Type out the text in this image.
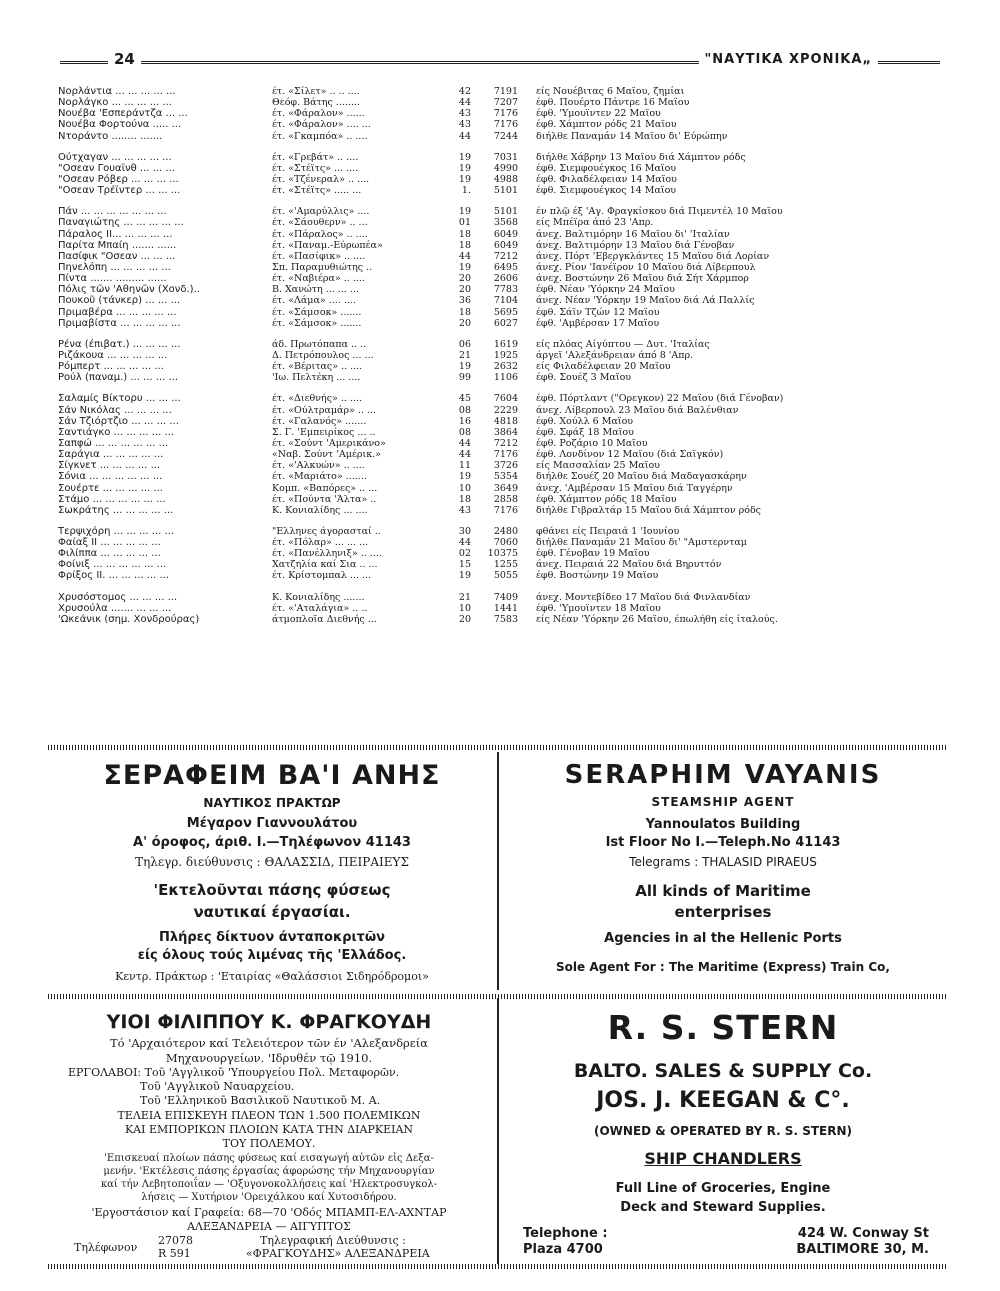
24	"ΝΑΥΤΙΚΑ ΧΡΟΝΙΚΑ„
Νορλάντια ... ... ... ... ...	έτ. «Σίλετ» .. .. ....	42	7191 είς Νουέβιτας 6 Μαΐου, ζημίαι
Νορλάγκο ... ... ... ... ...	Θεόφ. Βάτης ........	44	7207 έφθ. Πουέρτο Πάντρε 16 Μαΐου
Νουέβα 'Εσπεράντζα ... ...	έτ. «Φάραλον» ......	43	7176 έφθ. 'Υμουϊντεν 22 Μαΐου
Νουέβα Φορτούνα ..... ...	έτ. «Φάραλον» .... ...	43	7176 έφθ. Χάμπτον ρόδς 21 Μαΐου
Ντοράντο ........ .......	έτ. «Γκαμπόα» .. ....	44	7244 διήλθε Παναμάν 14 Μαΐου δι' Εύρώπην
Ούτχαγαν ... ... ... ... ...	έτ. «Γρεβάτ» .. ....	19	7031 διήλθε Χάβρην 13 Μαΐου διά Χάμπτον ρόδς
"Οσεαν Γουαϊνθ ... ... ...	έτ. «Στέϊτς» ... ....	19	4990 έφθ. Σιεμφουέγκος 16 Μαΐου
"Οσεαν Ρόβερ ... ... ... ...	έτ. «Τζένεραλ» .. ....	19	4988 έφθ. Φιλαδέλφειαν 14 Μαΐου
"Οσεαν Τρέϊντερ ... ... ...	έτ. «Στέϊτς» ..... ...	1.	5101 έφθ. Σιεμφουέγκος 14 Μαΐου
Πάν ... ... ... ... ... ... ...	έτ. «'Αμαρύλλις» ....	19	5101 έν πλῷ έξ 'Αγ. Φραγκίσκου διά Πιμεντέλ 10 Μαΐου
Παναγιώτης ... ... ... ... ...	έτ. «Σάουθερν» .. ...	01	3568 είς Μπέϊρα άπό 23 'Απρ.
Πάραλος ΙΙ... ... ... ... ...	έτ. «Πάραλος» .. ....	18	6049 άνεχ. Βαλτιμόρην 16 Μαΐου δι' 'Ιταλίαν
Παρίτα Μπαίη ....... ......	έτ. «Παναμ.-Εύρωπέα»	18	6049 άνεχ. Βαλτιμόρην 13 Μαΐου διά Γένοβαν
Πασίφικ "Οσεαν ... ... ...	έτ. «Πασίφικ» .. ....	44	7212 άνεχ. Πόρτ 'Εβεργκλάντες 15 Μαΐου διά Λορίαν
Πηνελόπη ... ... ... ... ...	Σπ. Παραμυθιώτης ..	19	6495 άνεχ. Ρίον 'Ιανέϊρον 10 Μαΐου διά Λίβερπουλ
Πίντα ....... ......... ......	έτ. «Ναβιέρα» .. ....	20	2606 άνεχ. Βοστώνην 26 Μαΐου διά Σήτ Χάρμπορ
Πόλις τῶν 'Αθηνῶν (Χονδ.)..	Β. Χανώτη ... ... ...	20	7783 έφθ. Νέαν 'Υόρκην 24 Μαΐου
Πουκοῦ (τάνκερ) ... ... ...	έτ. «Λάμα» .... ....	36	7104 άνεχ. Νέαν 'Υόρκην 19 Μαΐου διά Λά Παλλίς
Πριμαβέρα ... ... ... ... ...	έτ. «Σάμσοκ» .......	18	5695 έφθ. Σάϊν Τζών 12 Μαΐου
Πριμαβίστα ... ... ... ... ...	έτ. «Σάμσοκ» .......	20	6027 έφθ. 'Αμβέρσαν 17 Μαΐου
Ρένα (έπιβατ.) ... ... ... ...	άδ. Πρωτόπαπα .. ..	06	1619 είς πλόας Αίγύπτου — Δυτ. 'Ιταλίας
Ριζάκουα ... ... ... ... ...	Δ. Πετρόπουλος ... ...	21	1925 άργεϊ 'Αλεξάνδρειαν άπό 8 'Απρ.
Ρόμπερτ ... ... ... ... ...	έτ. «Βέριτας» .. ....	19	2632 είς Φιλαδέλφειαν 20 Μαΐου
Ρούλ (παναμ.) ... ... ... ...	'Ιω. Πελτέκη ... ....	99	1106 έφθ. Σουέζ 3 Μαΐου
Σαλαμίς Βίκτορυ ... ... ...	έτ. «Διεθνής» .. ....	45	7604 έφθ. Πόρτλαντ ("Ορεγκον) 22 Μαΐου (διά Γένοβαν)
Σάν Νικόλας ... ... ... ...	έτ. «Ούλτραμάρ» .. ...	08	2229 άνεχ. Λίβερπουλ 23 Μαΐου διά Βαλένθιαν
Σάν Τζιόρτζιο ... ... ... ...	έτ. «Γαλανός» .......	16	4818 έφθ. Χούλλ 6 Μαΐου
Σαντιάγκο ... ... ... ... ...	Σ. Γ. 'Εμπειρίκος ... ..	08	3864 έφθ. Σφάξ 18 Μαΐου
Σαπφώ ... ... ... ... ... ...	έτ. «Σούντ 'Αμερικάνο»	44	7212 έφθ. Ροζάριο 10 Μαΐου
Σαράγια ... ... ... ... ...	«Ναβ. Σούντ 'Αμέρικ.»	44	7176 έφθ. Λονδίνον 12 Μαΐου (διά Σαϊγκόν)
Σίγκνετ ... ... ... ... ...	έτ. «'Αλκυών» .. ....	11	3726 είς Μασσαλίαν 25 Μαΐου
Σόνια ... ... ... ... ... ...	έτ. «Μαριάτο» .......	19	5354 διήλθε Σουέζ 20 Μαΐου διά Μαδαγασκάρην
Σουέρτε ... ... ... ... ...	Κομπ. «Βαπόρες» .. ...	10	3649 άνεχ. 'Αμβέρσαν 15 Μαΐου διά Ταγγέρην
Στάμο ... ... ... ... ... ...	έτ. «Πούντα 'Άλτα» ..	18	2858 έφθ. Χάμπτον ρόδς 18 Μαΐου
Σωκράτης ... ... ... ... ...	Κ. Κονιαλίδης ... ....	43	7176 διήλθε Γιβραλτάρ 15 Μαΐου διά Χάμπτον ρόδς
Τερψιχόρη ... ... ... ... ...	"Ελληνες άγορασταί ..	30	2480 φθάνει είς Πειραιά 1 'Ιουνίου
Φαίαξ ΙΙ ... ... ... ... ...	έτ. «Πόλαρ» ... ... ...	44	7060 διήλθε Παναμάν 21 Μαΐου δι' "Αμστερνταμ
Φιλίππα ... ... ... ... ...	έτ. «Πανέλληνιξ» .. ....	02	10375 έφθ. Γένοβαν 19 Μαΐου
Φοίνιξ ... ... ... ... ... ...	Χατζηλία καί Σια .. ...	15	1255 άνεχ. Πειραιά 22 Μαΐου διά Βηρυττόν
Φρίξος ΙΙ. ... ... ... ... ...	έτ. Κρίστομπαλ ... ...	19	5055 έφθ. Βοστώνην 19 Μαΐου
Χρυσόστομος ... ... ... ...	Κ. Κονιαλίδης .......	21	7409 άνεχ. Μοντεβίδεο 17 Μαΐου διά Φινλανδίαν
Χρυσούλα ....... ... ... ...	έτ. «'Αταλάγια» .. ..	10	1441 έφθ. 'Υμουϊντεν 18 Μαΐου
'Ωκεάνικ (σημ. Χονδρούρας)	άτμοπλοΐα Διεθνής ...	20	7583 είς Νέαν 'Υόρκην 26 Μαΐου, έπωλήθη είς ίταλούς.
ΣΕΡΑΦΕΙΜ ΒΑ'Ι ΑΝΗΣ
ΝΑΥΤΙΚΟΣ ΠΡΑΚΤΩΡ
Μέγαρον Γιαννουλάτου
Α' όροφος, άριθ. Ι.—Τηλέφωνον 41143
Τηλεγρ. διεύθυνσις : ΘΑΛΑΣΣΙΔ, ΠΕΙΡΑΙΕΥΣ
'Εκτελοῦνται πάσης φύσεως
ναυτικαί έργασίαι.
Πλήρες δίκτυον άνταποκριτῶν
είς όλους τούς λιμένας τῆς 'Ελλάδος.
Κεντρ. Πράκτωρ : 'Εταιρίας «Θαλάσσιοι Σιδηρόδρομοι»
SERAPHIM VAYANIS
STEAMSHIP AGENT
Yannoulatos Building
Ist Floor No I.—Teleph.No 41143
Telegrams : THALASID PIRAEUS
All kinds of Maritime
enterprises
Agencies in al the Hellenic Ports
Sole Agent For : The Maritime (Express) Train Co,
ΥΙΟΙ ΦΙΛΙΠΠΟΥ Κ. ΦΡΑΓΚΟΥΔΗ
Τό 'Αρχαιότερον καί Τελειότερον τῶν έν 'Αλεξανδρεία
Μηχανουργείων. 'Ιδρυθέν τῷ 1910.
ΕΡΓΟΛΑΒΟΙ: Τοῦ 'Αγγλικοῦ 'Υπουργείου Πολ. Μεταφορῶν.
Τοῦ 'Αγγλικοῦ Ναυαρχείου.
Τοῦ 'Ελληνικοῦ Βασιλικοῦ Ναυτικοῦ Μ. Α.
ΤΕΛΕΙΑ ΕΠΙΣΚΕΥΗ ΠΛΕΟΝ ΤΩΝ 1.500 ΠΟΛΕΜΙΚΩΝ
ΚΑΙ ΕΜΠΟΡΙΚΩΝ ΠΛΟΙΩΝ ΚΑΤΑ ΤΗΝ ΔΙΑΡΚΕΙΑΝ
ΤΟΥ ΠΟΛΕΜΟΥ.
'Επισκευαί πλοίων πάσης φύσεως καί εισαγωγή αὐτῶν εἰς Δεξα-
μενήν. 'Εκτέλεσις πάσης έργασίας άφορώσης τήν Μηχανουργίαν
καί τήν Λεβητοποιΐαν — 'Οξυγονοκολλήσεις καί 'Ηλεκτροσυγκολ-
λήσεις — Χυτήριον 'Ορειχάλκου καί Χυτοσιδήρου.
'Εργοστάσιον καί Γραφεία: 68—70 'Οδός ΜΠΑΜΠ-ΕΛ-ΑΧΝΤΑΡ
ΑΛΕΞΑΝΔΡΕΙΑ — ΑΙΓΥΠΤΟΣ
Τηλέφωνον
27078
R 591
Τηλεγραφική Διεύθυνσις :
«ΦΡΑΓΚΟΥΔΗΣ» ΑΛΕΞΑΝΔΡΕΙΑ
R. S. STERN
BALTO. SALES & SUPPLY Co.
JOS. J. KEEGAN & C°.
(OWNED & OPERATED BY R. S. STERN)
SHIP CHANDLERS
Full Line of Groceries, Engine
Deck and Steward Supplies.
Telephone :
Plaza 4700
424 W. Conway St
BALTIMORE 30, M.
